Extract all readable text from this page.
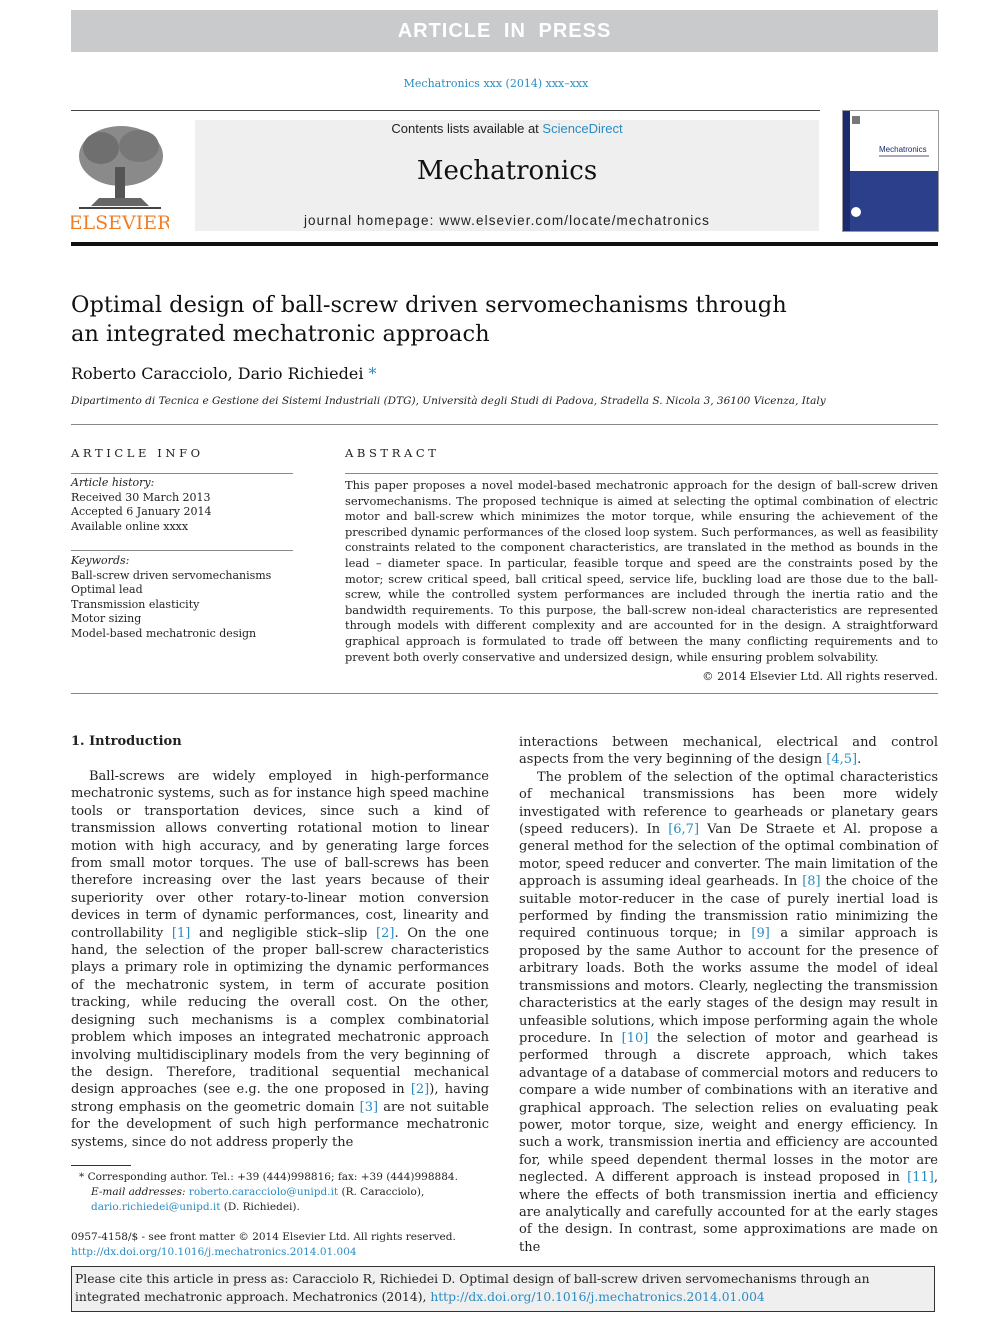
ARTICLE IN PRESS
Mechatronics xxx (2014) xxx–xxx
ELSEVIER
Contents lists available at ScienceDirect
Mechatronics
journal homepage: www.elsevier.com/locate/mechatronics
Mechatronics
Optimal design of ball-screw driven servomechanisms through
an integrated mechatronic approach
Roberto Caracciolo, Dario Richiedei *
Dipartimento di Tecnica e Gestione dei Sistemi Industriali (DTG), Università degli Studi di Padova, Stradella S. Nicola 3, 36100 Vicenza, Italy
ARTICLE INFO	ABSTRACT
Article history:
Received 30 March 2013
Accepted 6 January 2014
Available online xxxx
Keywords:
Ball-screw driven servomechanisms
Optimal lead
Transmission elasticity
Motor sizing
Model-based mechatronic design
This paper proposes a novel model-based mechatronic approach for the design of ball-screw driven servomechanisms. The proposed technique is aimed at selecting the optimal combination of electric motor and ball-screw which minimizes the motor torque, while ensuring the achievement of the prescribed dynamic performances of the closed loop system. Such performances, as well as feasibility constraints related to the component characteristics, are translated in the method as bounds in the lead – diameter space. In particular, feasible torque and speed are the constraints posed by the motor; screw critical speed, ball critical speed, service life, buckling load are those due to the ball-screw, while the controlled system performances are included through the inertia ratio and the bandwidth requirements. To this purpose, the ball-screw non-ideal characteristics are represented through models with different complexity and are accounted for in the design. A straightforward graphical approach is formulated to trade off between the many conflicting requirements and to prevent both overly conservative and undersized design, while ensuring problem solvability.
© 2014 Elsevier Ltd. All rights reserved.
1. Introduction
Ball-screws are widely employed in high-performance mechatronic systems, such as for instance high speed machine tools or transportation devices, since such a kind of transmission allows converting rotational motion to linear motion with high accuracy, and by generating large forces from small motor torques. The use of ball-screws has been therefore increasing over the last years because of their superiority over other rotary-to-linear motion conversion devices in term of dynamic performances, cost, linearity and controllability [1] and negligible stick–slip [2]. On the one hand, the selection of the proper ball-screw characteristics plays a primary role in optimizing the dynamic performances of the mechatronic system, in term of accurate position tracking, while reducing the overall cost. On the other, designing such mechanisms is a complex combinatorial problem which imposes an integrated mechatronic approach involving multidisciplinary models from the very beginning of the design. Therefore, traditional sequential mechanical design approaches (see e.g. the one proposed in [2]), having strong emphasis on the geometric domain [3] are not suitable for the development of such high performance mechatronic systems, since do not address properly the

interactions between mechanical, electrical and control aspects from the very beginning of the design [4,5].

The problem of the selection of the optimal characteristics of mechanical transmissions has been more widely investigated with reference to gearheads or planetary gears (speed reducers). In [6,7] Van De Straete et Al. propose a general method for the selection of the optimal combination of motor, speed reducer and converter. The main limitation of the approach is assuming ideal gearheads. In [8] the choice of the suitable motor-reducer in the case of purely inertial load is performed by finding the transmission ratio minimizing the required continuous torque; in [9] a similar approach is proposed by the same Author to account for the presence of arbitrary loads. Both the works assume the model of ideal transmissions and motors. Clearly, neglecting the transmission characteristics at the early stages of the design may result in unfeasible solutions, which impose performing again the whole procedure. In [10] the selection of motor and gearhead is performed through a discrete approach, which takes advantage of a database of commercial motors and reducers to compare a wide number of combinations with an iterative and graphical approach. The selection relies on evaluating peak power, motor torque, size, weight and energy efficiency. In such a work, transmission inertia and efficiency are accounted for, while speed dependent thermal losses in the motor are neglected. A different approach is instead proposed in [11], where the effects of both transmission inertia and efficiency are analytically and carefully accounted for at the early stages of the design. In contrast, some approximations are made on the

* Corresponding author. Tel.: +39 (444)998816; fax: +39 (444)998884.
E-mail addresses: roberto.caracciolo@unipd.it (R. Caracciolo), dario.richiedei@unipd.it (D. Richiedei).
0957-4158/$ - see front matter © 2014 Elsevier Ltd. All rights reserved.
http://dx.doi.org/10.1016/j.mechatronics.2014.01.004
Please cite this article in press as: Caracciolo R, Richiedei D. Optimal design of ball-screw driven servomechanisms through an integrated mechatronic approach. Mechatronics (2014), http://dx.doi.org/10.1016/j.mechatronics.2014.01.004
